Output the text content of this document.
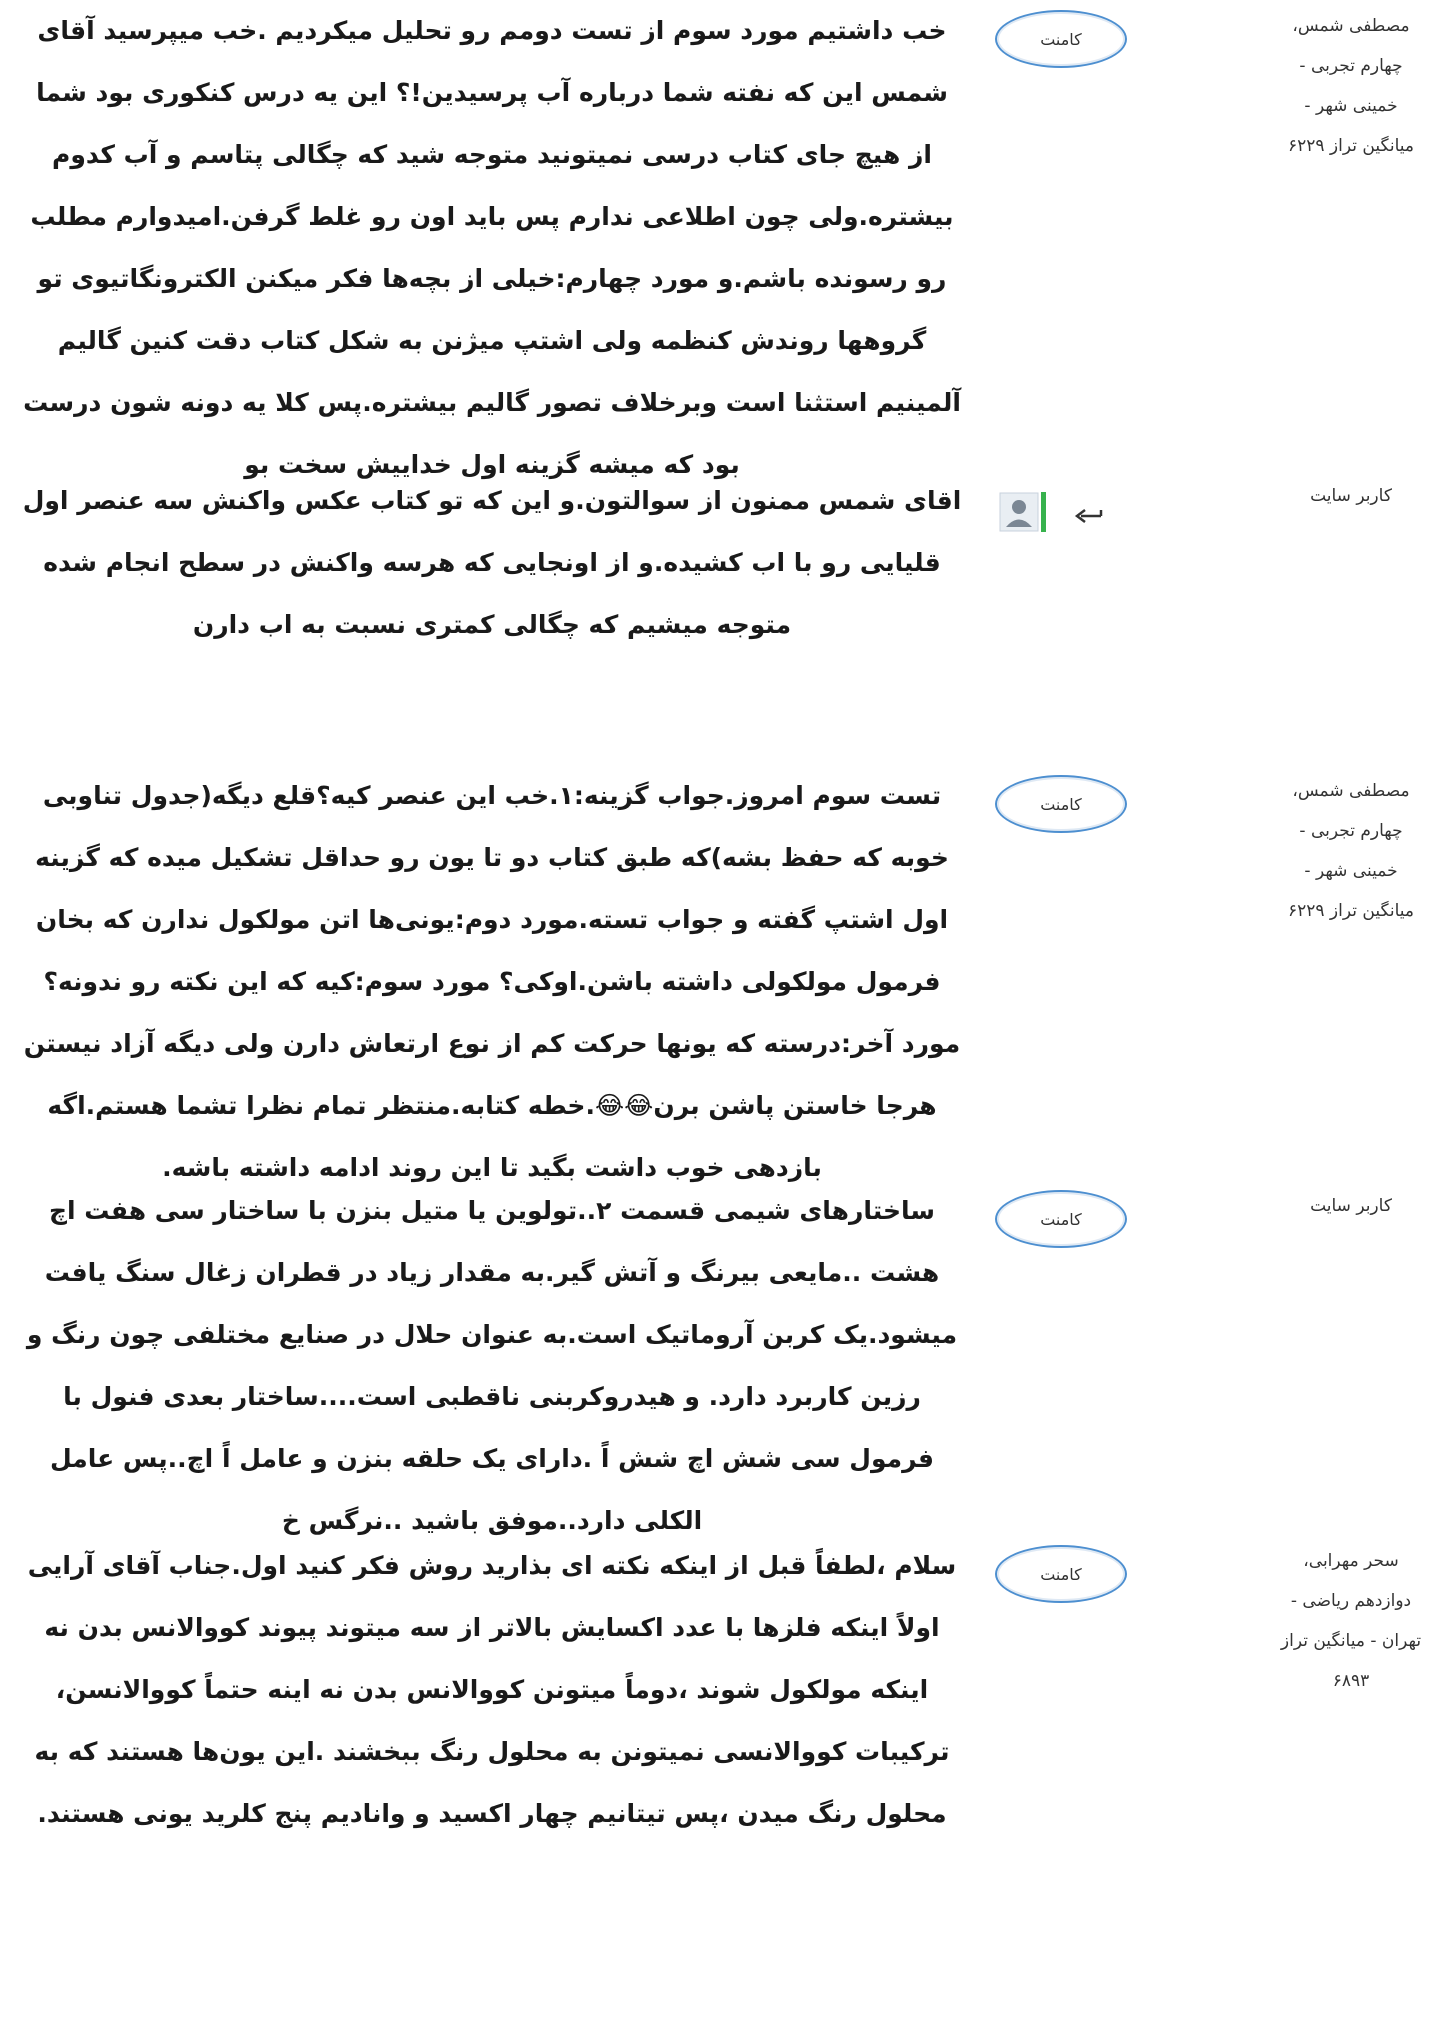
مصطفی شمس، چهارم تجربی - خمینی شهر - میانگین تراز ۶۲۲۹
کامنت
خب داشتیم مورد سوم از تست دومم رو تحلیل میکردیم .خب میپرسید آقای شمس این که نفته شما درباره آب پرسیدین!؟ این یه درس کنکوری بود شما از هیچ جای کتاب درسی نمیتونید متوجه شید که چگالی پتاسم و آب کدوم بیشتره.ولی چون اطلاعی ندارم پس باید اون رو غلط گرفن.امیدوارم مطلب رو رسونده باشم.و مورد چهارم:خیلی از بچه‌ها فکر میکنن الکترونگاتیوی تو گروهها روندش کنظمه ولی اشتپ میژنن به شکل کتاب دقت کنین گالیم آلمینیم استثنا است وبرخلاف تصور گالیم بیشتره.پس کلا یه دونه شون درست بود که میشه گزینه اول خداییش سخت بو
کاربر سایت
اقای شمس ممنون از سوالتون.و این که تو کتاب عکس واکنش سه عنصر اول قلیایی رو با اب کشیده.و از اونجایی که هرسه واکنش در سطح انجام شده متوجه میشیم که چگالی کمتری نسبت به اب دارن
مصطفی شمس، چهارم تجربی - خمینی شهر - میانگین تراز ۶۲۲۹
کامنت
تست سوم امروز.جواب گزینه:۱.خب این عنصر کیه؟قلع دیگه(جدول تناوبی خوبه که حفظ بشه)که طبق کتاب دو تا یون رو حداقل تشکیل میده که گزینه اول اشتپ گفته و جواب تسته.مورد دوم:یونی‌ها اتن مولکول ندارن که بخان فرمول مولکولی داشته باشن.اوکی؟ مورد سوم:کیه که این نکته رو ندونه؟ مورد آخر:درسته که یونها حرکت کم از نوع ارتعاش دارن ولی دیگه آزاد نیستن هرجا خاستن پاشن برن😂😂.خطه کتابه.منتظر تمام نظرا تشما هستم.اگه بازدهی خوب داشت بگید تا این روند ادامه داشته باشه.
کاربر سایت
کامنت
ساختارهای شیمی قسمت ۲..تولوین یا متیل بنزن با ساختار سی هفت اچ هشت ..مایعی بیرنگ و آتش گیر.به مقدار زیاد در قطران زغال سنگ یافت میشود.یک کربن آروماتیک است.به عنوان حلال در صنایع مختلفی چون رنگ و رزین کاربرد دارد. و هیدروکربنی ناقطبی است....ساختار بعدی فنول با فرمول سی شش اچ شش اً .دارای یک حلقه بنزن و عامل اً اچ..پس عامل الکلی دارد..موفق باشید ..نرگس خ
سحر مهرابی، دوازدهم ریاضی - تهران - میانگین تراز ۶۸۹۳
کامنت
سلام ،لطفاً قبل از اینکه نکته ای بذارید روش فکر کنید اول.جناب آقای آرایی اولاً اینکه فلزها با عدد اکسایش بالاتر از سه میتوند پیوند کووالانس بدن نه اینکه مولکول شوند ،دوماً میتونن کووالانس بدن نه اینه حتماً کووالانسن، ترکیبات کووالانسی نمیتونن به محلول رنگ ببخشند .این یون‌ها هستند که به محلول رنگ میدن ،پس تیتانیم چهار اکسید و وانادیم پنج کلرید یونی هستند.
